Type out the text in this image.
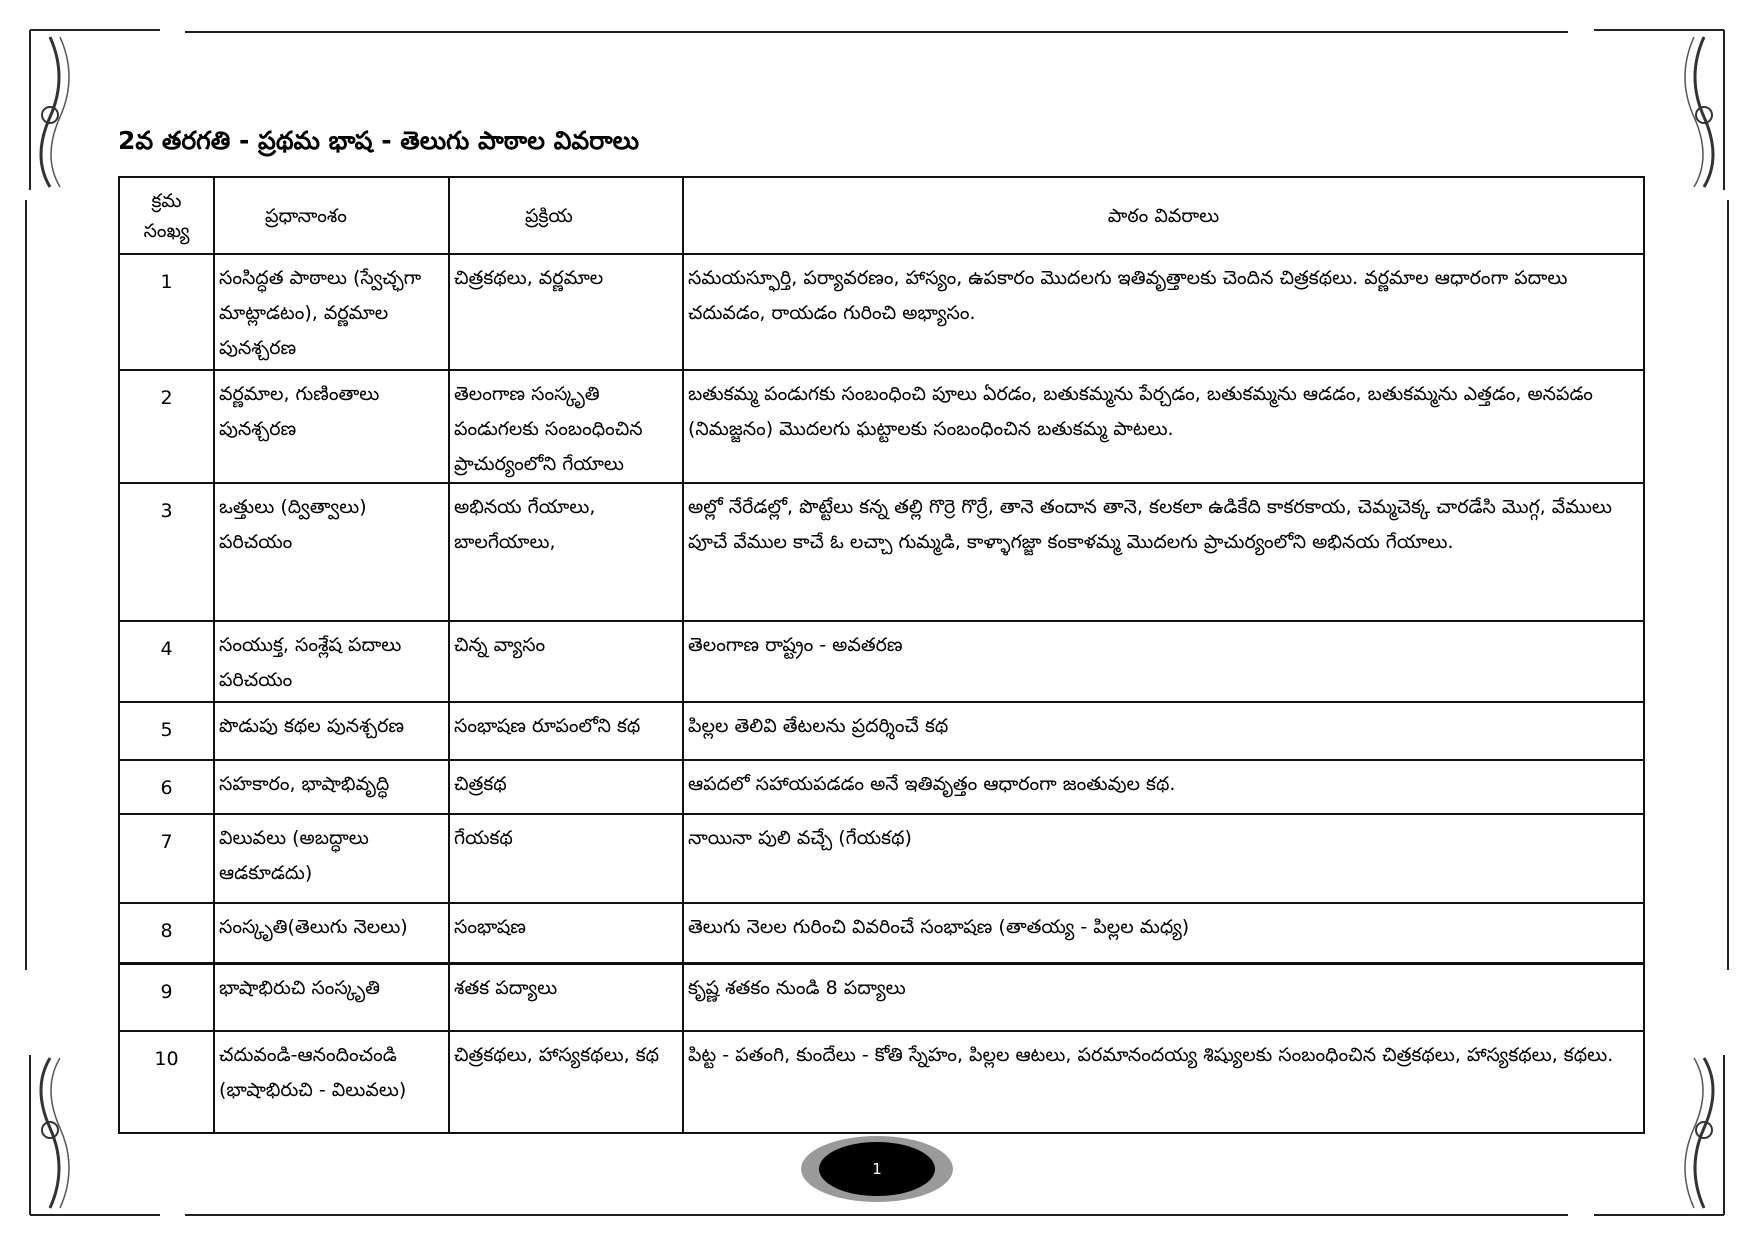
2వ తరగతి - ప్రథమ భాష - తెలుగు పాఠాల వివరాలు
క్రమ సంఖ్య	ప్రధానాంశం	ప్రక్రియ	పాఠం వివరాలు
1	సంసిద్ధత పాఠాలు (స్వేచ్ఛగా మాట్లాడటం), వర్ణమాల పునశ్చరణ	చిత్రకథలు, వర్ణమాల	సమయస్ఫూర్తి, పర్యావరణం, హాస్యం, ఉపకారం మొదలగు ఇతివృత్తాలకు చెందిన చిత్రకథలు. వర్ణమాల ఆధారంగా పదాలు చదువడం, రాయడం గురించి అభ్యాసం.
2	వర్ణమాల, గుణింతాలు పునశ్చరణ	తెలంగాణ సంస్కృతి పండుగలకు సంబంధించిన ప్రాచుర్యంలోని గేయాలు	బతుకమ్మ పండుగకు సంబంధించి పూలు ఏరడం, బతుకమ్మను పేర్చడం, బతుకమ్మను ఆడడం, బతుకమ్మను ఎత్తడం, అనపడం (నిమజ్జనం) మొదలగు ఘట్టాలకు సంబంధించిన బతుకమ్మ పాటలు.
3	ఒత్తులు (ద్విత్వాలు) పరిచయం	అభినయ గేయాలు, బాలగేయాలు,	అల్లో నేరేడల్లో, పొట్టేలు కన్న తల్లి గొర్రె గొర్రే, తానె తందాన తానె, కలకలా ఉడికేది కాకరకాయ, చెమ్మచెక్క చారడేసి మొగ్గ, వేములు పూచే వేముల కాచే ఓ లచ్చా గుమ్మడి, కాళ్ళాగజ్జా కంకాళమ్మ మొదలగు ప్రాచుర్యంలోని అభినయ గేయాలు.
4	సంయుక్త, సంశ్లేష పదాలు పరిచయం	చిన్న వ్యాసం	తెలంగాణ రాష్ట్రం - అవతరణ
5	పొడుపు కథల పునశ్చరణ	సంభాషణ రూపంలోని కథ	పిల్లల తెలివి తేటలను ప్రదర్శించే కథ
6	సహకారం, భాషాభివృద్ధి	చిత్రకథ	ఆపదలో సహాయపడడం అనే ఇతివృత్తం ఆధారంగా జంతువుల కథ.
7	విలువలు (అబద్ధాలు ఆడకూడదు)	గేయకథ	నాయినా పులి వచ్చే (గేయకథ)
8	సంస్కృతి(తెలుగు నెలలు)	సంభాషణ	తెలుగు నెలల గురించి వివరించే సంభాషణ (తాతయ్య - పిల్లల మధ్య)
9	భాషాభిరుచి సంస్కృతి	శతక పద్యాలు	కృష్ణ శతకం నుండి 8 పద్యాలు
10	చదువండి-ఆనందించండి (భాషాభిరుచి - విలువలు)	చిత్రకథలు, హాస్యకథలు, కథ	పిట్ట - పతంగి, కుందేలు - కోతి స్నేహం, పిల్లల ఆటలు, పరమానందయ్య శిష్యులకు సంబంధించిన చిత్రకథలు, హాస్యకథలు, కథలు.
1
